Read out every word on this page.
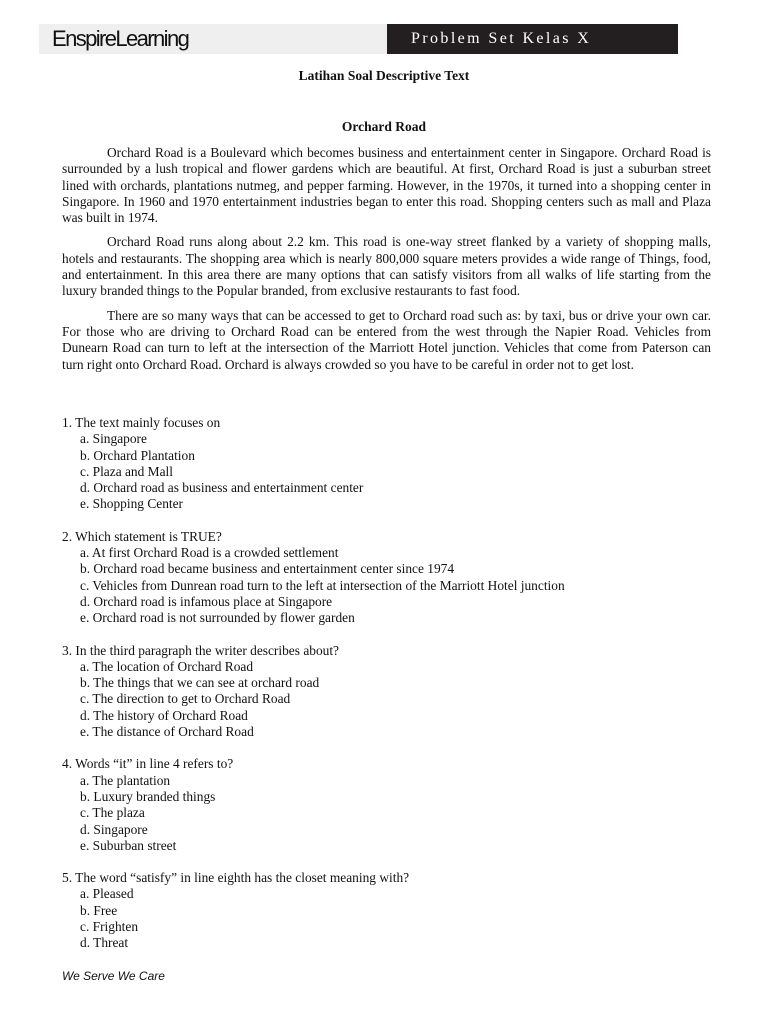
EnspireLearning	Problem Set Kelas X
Latihan Soal Descriptive Text
Orchard Road

Orchard Road is a Boulevard which becomes business and entertainment center in Singapore. Orchard Road is surrounded by a lush tropical and flower gardens which are beautiful. At first, Orchard Road is just a suburban street lined with orchards, plantations nutmeg, and pepper farming. However, in the 1970s, it turned into a shopping center in Singapore. In 1960 and 1970 entertainment industries began to enter this road. Shopping centers such as mall and Plaza was built in 1974.

Orchard Road runs along about 2.2 km. This road is one-way street flanked by a variety of shopping malls, hotels and restaurants. The shopping area which is nearly 800,000 square meters provides a wide range of Things, food, and entertainment. In this area there are many options that can satisfy visitors from all walks of life starting from the luxury branded things to the Popular branded, from exclusive restaurants to fast food.

There are so many ways that can be accessed to get to Orchard road such as: by taxi, bus or drive your own car. For those who are driving to Orchard Road can be entered from the west through the Napier Road. Vehicles from Dunearn Road can turn to left at the intersection of the Marriott Hotel junction. Vehicles that come from Paterson can turn right onto Orchard Road. Orchard is always crowded so you have to be careful in order not to get lost.

1. The text mainly focuses on

a. Singapore

b. Orchard Plantation

c. Plaza and Mall

d. Orchard road as business and entertainment center

e. Shopping Center

2. Which statement is TRUE?

a. At first Orchard Road is a crowded settlement

b. Orchard road became business and entertainment center since 1974

c. Vehicles from Dunrean road turn to the left at intersection of the Marriott Hotel junction

d. Orchard road is infamous place at Singapore

e. Orchard road is not surrounded by flower garden

3. In the third paragraph the writer describes about?

a. The location of Orchard Road

b. The things that we can see at orchard road

c. The direction to get to Orchard Road

d. The history of Orchard Road

e. The distance of Orchard Road

4. Words “it” in line 4 refers to?

a. The plantation

b. Luxury branded things

c. The plaza

d. Singapore

e. Suburban street

5. The word “satisfy” in line eighth has the closet meaning with?

a. Pleased

b. Free

c. Frighten

d. Threat

We Serve We Care
